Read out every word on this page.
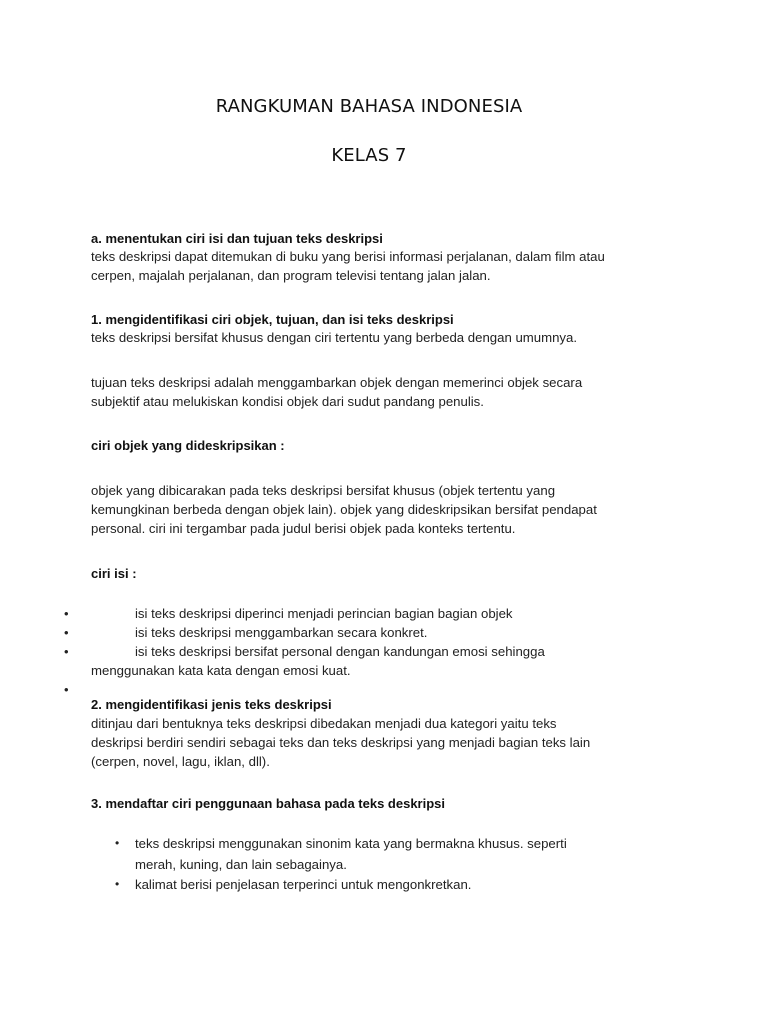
RANGKUMAN BAHASA INDONESIA
KELAS 7
a. menentukan ciri isi dan tujuan teks deskripsi
teks deskripsi dapat ditemukan di buku yang berisi informasi perjalanan, dalam film atau
cerpen, majalah perjalanan, dan program televisi tentang jalan jalan.
1. mengidentifikasi ciri objek, tujuan, dan isi teks deskripsi
teks deskripsi bersifat khusus dengan ciri tertentu yang berbeda dengan umumnya.
tujuan teks deskripsi adalah menggambarkan objek dengan memerinci objek secara
subjektif atau melukiskan kondisi objek dari sudut pandang penulis.
ciri objek yang dideskripsikan :
objek yang dibicarakan pada teks deskripsi bersifat khusus (objek tertentu yang
kemungkinan berbeda dengan objek lain). objek yang dideskripsikan bersifat pendapat
personal. ciri ini tergambar pada judul berisi objek pada konteks tertentu.
ciri isi :
•	isi teks deskripsi diperinci menjadi perincian bagian bagian objek
•	isi teks deskripsi menggambarkan secara konkret.
•	isi teks deskripsi bersifat personal dengan kandungan emosi sehingga
menggunakan kata kata dengan emosi kuat.
•
2. mengidentifikasi jenis teks deskripsi
ditinjau dari bentuknya teks deskripsi dibedakan menjadi dua kategori yaitu teks
deskripsi berdiri sendiri sebagai teks dan teks deskripsi yang menjadi bagian teks lain
(cerpen, novel, lagu, iklan, dll).
3. mendaftar ciri penggunaan bahasa pada teks deskripsi
• teks deskripsi menggunakan sinonim kata yang bermakna khusus. seperti
merah, kuning, dan lain sebagainya.
• kalimat berisi penjelasan terperinci untuk mengonkretkan.
